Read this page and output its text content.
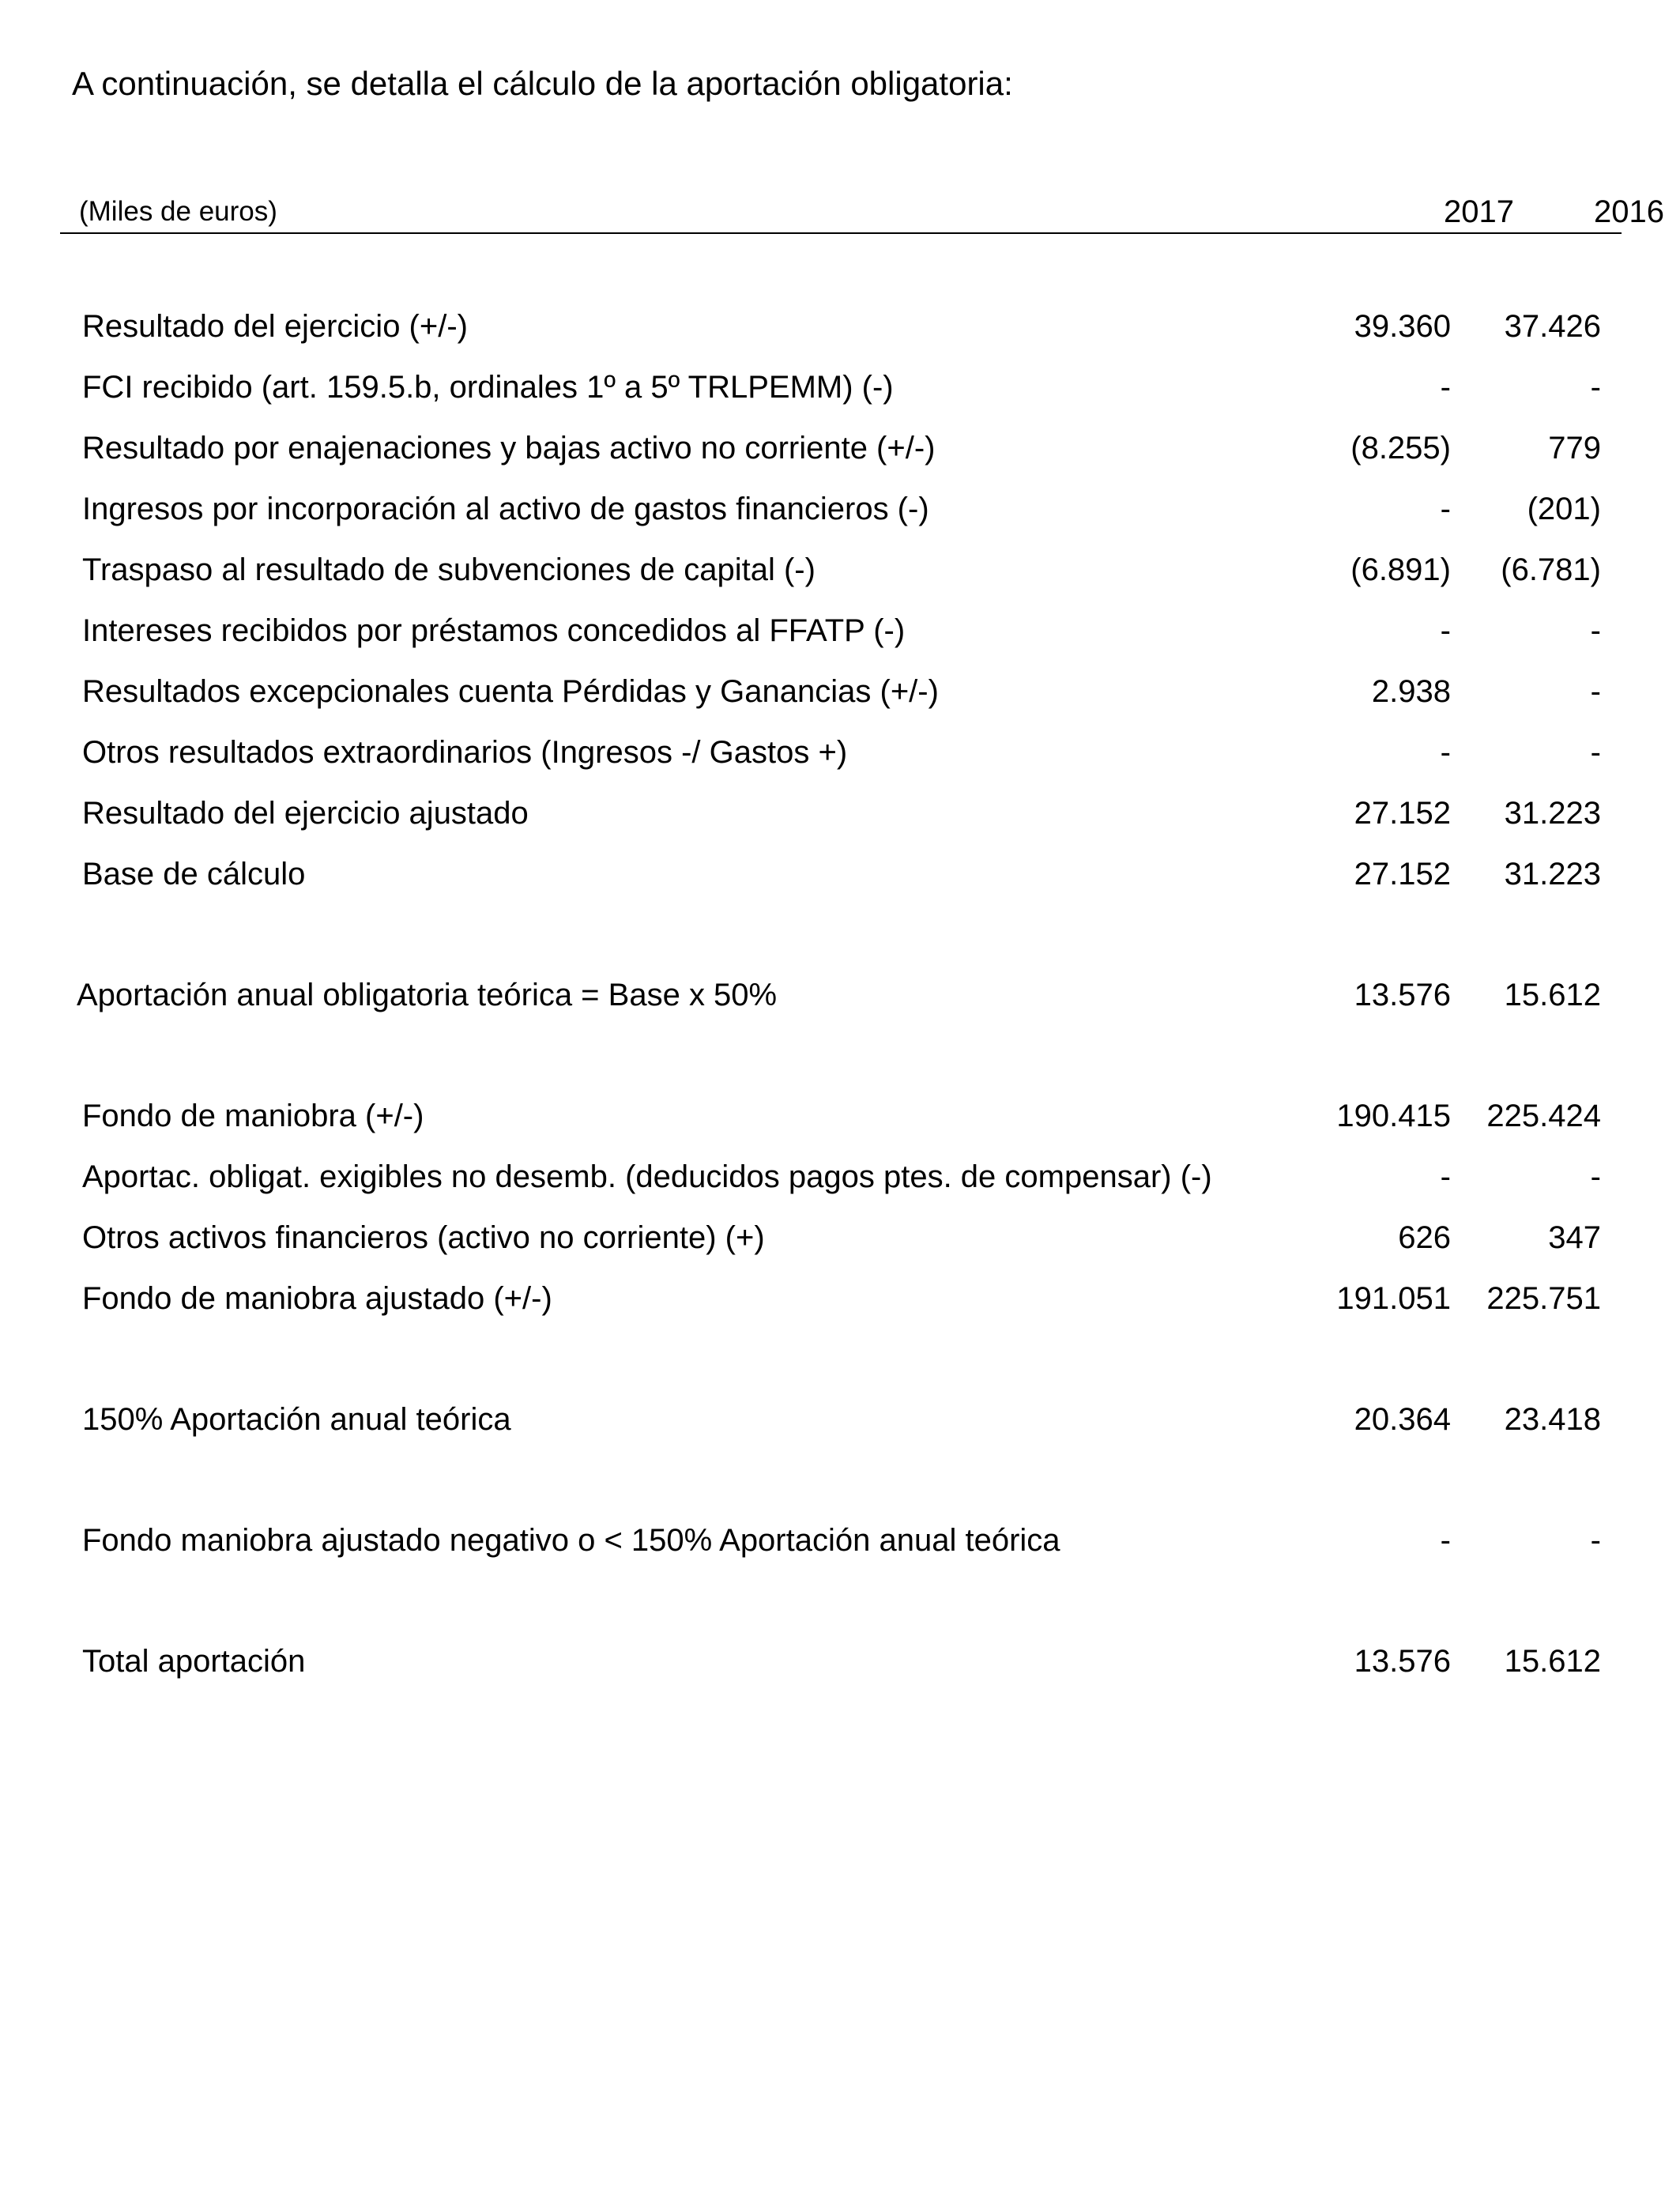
A continuación, se detalla el cálculo de la aportación obligatoria:
(Miles de euros)	2017	2016
Resultado del ejercicio (+/-)	39.360	37.426
FCI recibido (art. 159.5.b, ordinales 1º a 5º TRLPEMM) (-)	-	-
Resultado por enajenaciones y bajas activo no corriente (+/-)	(8.255)	779
Ingresos por incorporación al activo de gastos financieros (-)	-	(201)
Traspaso al resultado de subvenciones de capital (-)	(6.891)	(6.781)
Intereses recibidos por préstamos concedidos al FFATP (-)	-	-
Resultados excepcionales cuenta Pérdidas y Ganancias (+/-)	2.938	-
Otros resultados extraordinarios (Ingresos -/ Gastos +)	-	-
Resultado del ejercicio ajustado	27.152	31.223
Base de cálculo	27.152	31.223
Aportación anual obligatoria teórica = Base x 50%	13.576	15.612
Fondo de maniobra (+/-)	190.415	225.424
Aportac. obligat. exigibles no desemb. (deducidos pagos ptes. de compensar) (-)	-	-
Otros activos financieros (activo no corriente) (+)	626	347
Fondo de maniobra ajustado (+/-)	191.051	225.751
150% Aportación anual teórica	20.364	23.418
Fondo maniobra ajustado negativo o < 150% Aportación anual teórica	-	-
Total aportación	13.576	15.612
